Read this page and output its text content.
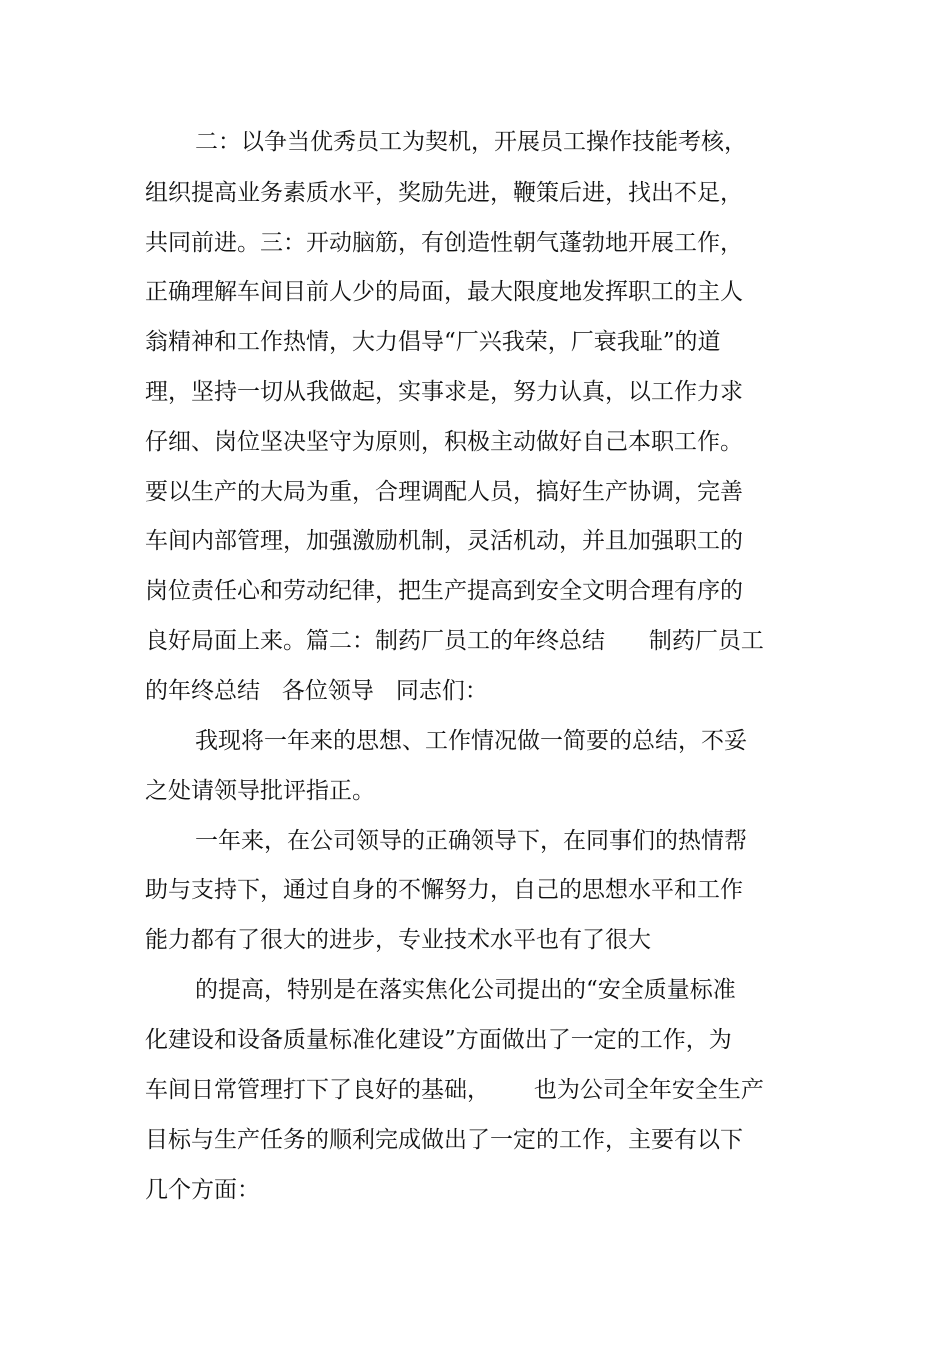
二：以争当优秀员工为契机，开展员工操作技能考核，
组织提高业务素质水平，奖励先进，鞭策后进，找出不足，
共同前进。三：开动脑筋，有创造性朝气蓬勃地开展工作，
正确理解车间目前人少的局面，最大限度地发挥职工的主人
翁精神和工作热情，大力倡导“厂兴我荣，厂衰我耻”的道
理，坚持一切从我做起，实事求是，努力认真，以工作力求
仔细、岗位坚决坚守为原则，积极主动做好自己本职工作。
要以生产的大局为重，合理调配人员，搞好生产协调，完善
车间内部管理，加强激励机制，灵活机动，并且加强职工的
岗位责任心和劳动纪律，把生产提高到安全文明合理有序的
良好局面上来。篇二：制药厂员工的年终总结      制药厂员工
的年终总结   各位领导   同志们：
我现将一年来的思想、工作情况做一简要的总结，不妥
之处请领导批评指正。
一年来，在公司领导的正确领导下，在同事们的热情帮
助与支持下，通过自身的不懈努力，自己的思想水平和工作
能力都有了很大的进步，专业技术水平也有了很大
的提高，特别是在落实焦化公司提出的“安全质量标准
化建设和设备质量标准化建设”方面做出了一定的工作，为
车间日常管理打下了良好的基础，      也为公司全年安全生产
目标与生产任务的顺利完成做出了一定的工作，主要有以下
几个方面：
